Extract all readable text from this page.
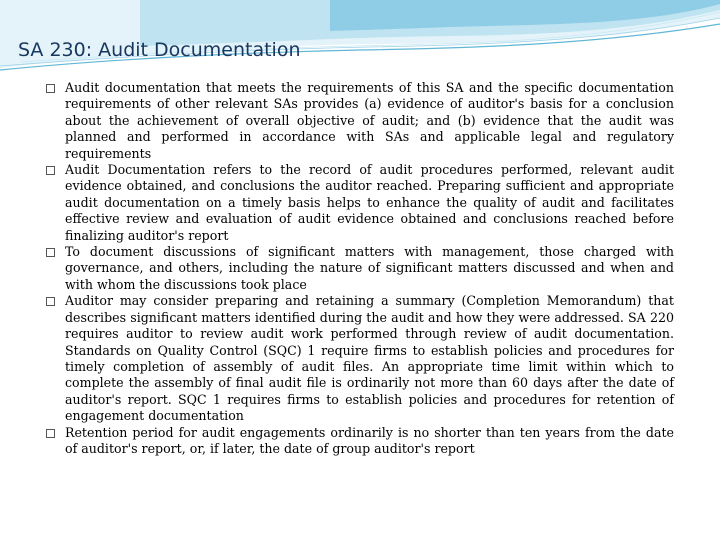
SA 230: Audit Documentation
Audit documentation that meets the requirements of this SA and the specific documentation requirements of other relevant SAs provides (a) evidence of auditor's basis for a conclusion about the achievement of overall objective of audit; and (b) evidence that the audit was planned and performed in accordance with SAs and applicable legal and regulatory requirements
Audit Documentation refers to the record of audit procedures performed, relevant audit evidence obtained, and conclusions the auditor reached. Preparing sufficient and appropriate audit documentation on a timely basis helps to enhance the quality of audit and facilitates effective review and evaluation of audit evidence obtained and conclusions reached before finalizing auditor's report
To document discussions of significant matters with management, those charged with governance, and others, including the nature of significant matters discussed and when and with whom the discussions took place
Auditor may consider preparing and retaining a summary (Completion Memorandum) that describes significant matters identified during the audit and how they were addressed. SA 220 requires auditor to review audit work performed through review of audit documentation. Standards on Quality Control (SQC) 1 require firms to establish policies and procedures for timely completion of assembly of audit files. An appropriate time limit within which to complete the assembly of final audit file is ordinarily not more than 60 days after the date of auditor's report. SQC 1 requires firms to establish policies and procedures for retention of engagement documentation
Retention period for audit engagements ordinarily is no shorter than ten years from the date of auditor's report, or, if later, the date of group auditor's report
